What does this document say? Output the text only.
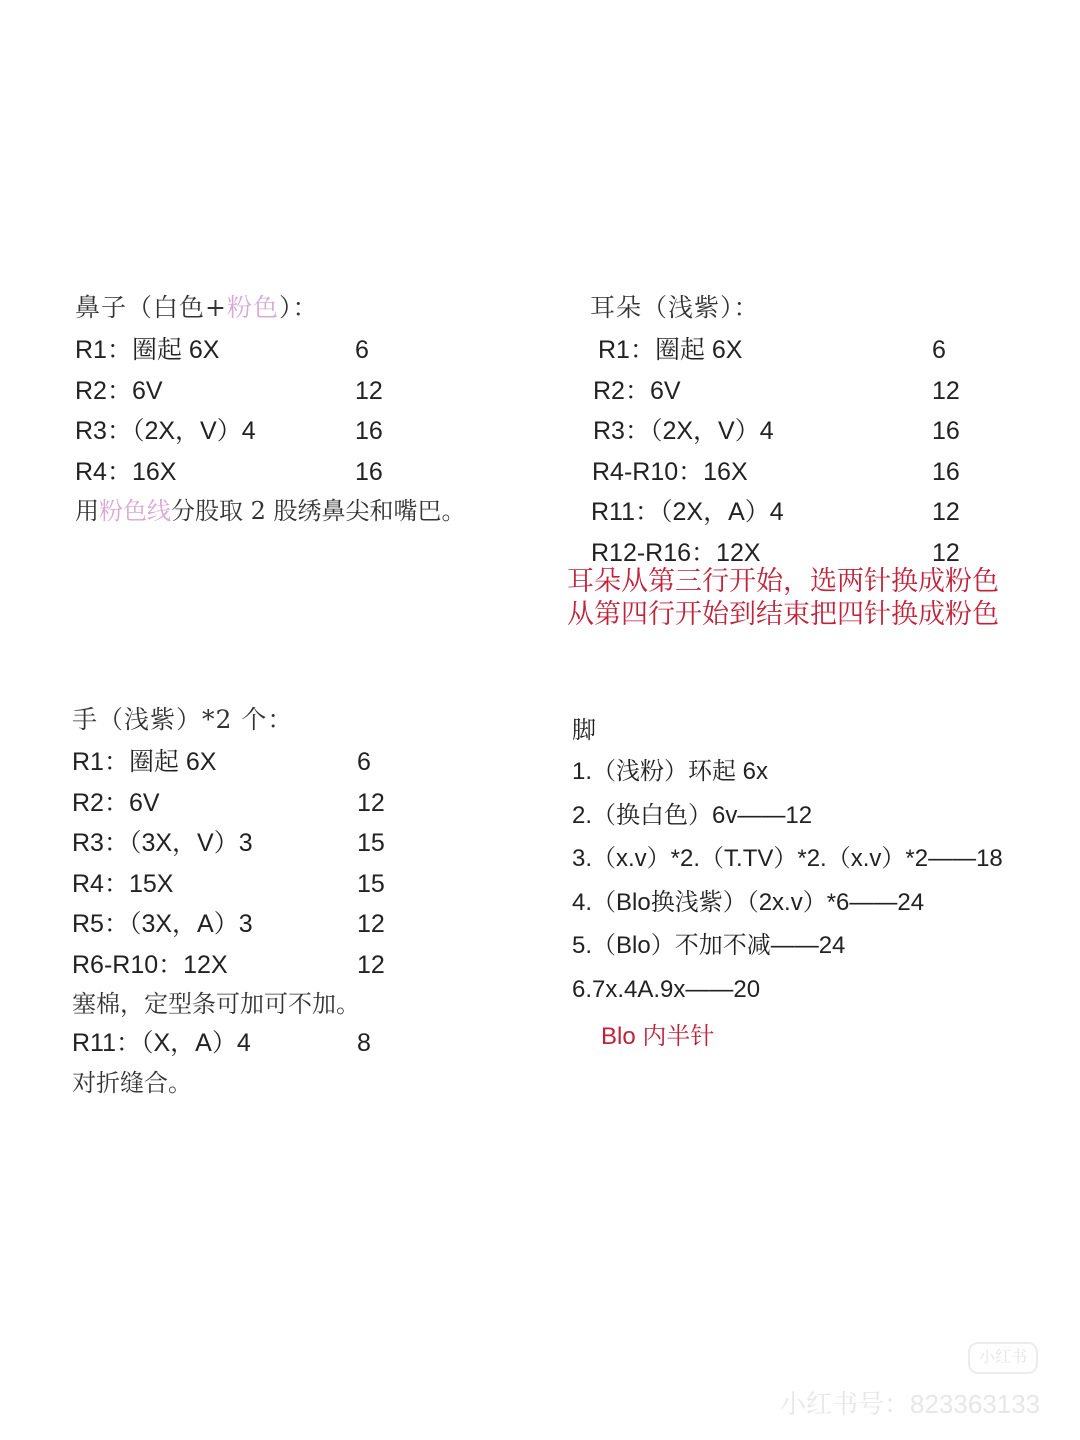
鼻子（白色+粉色）：
R1：圈起 6X	6
R2：6V	12
R3：（2X，V）4	16
R4：16X	16
用粉色线分股取 2 股绣鼻尖和嘴巴。
耳朵（浅紫）：
R1：圈起 6X	6
R2：6V	12
R3：（2X，V）4	16
R4-R10：16X	16
R11：（2X，A）4	12
R12-R16：12X	12
耳朵从第三行开始，选两针换成粉色
从第四行开始到结束把四针换成粉色
手（浅紫）*2 个：
R1：圈起 6X	6
R2：6V	12
R3：（3X，V）3	15
R4：15X	15
R5：（3X，A）3	12
R6-R10：12X	12
塞棉，定型条可加可不加。
R11：（X，A）4	8
对折缝合。
脚
1.（浅粉）环起 6x
2.（换白色）6v——12
3.（x.v）*2.（T.TV）*2.（x.v）*2——18
4.（Blo换浅紫）（2x.v）*6——24
5.（Blo）不加不减——24
6.7x.4A.9x——20
Blo 内半针
小红书
小红书号：823363133
